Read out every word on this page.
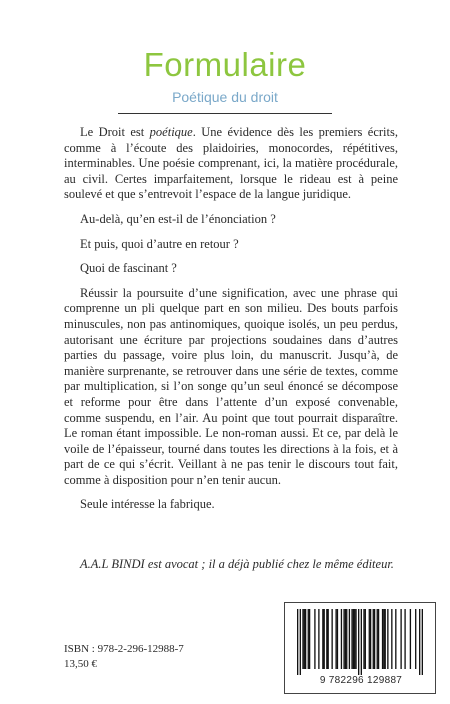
Formulaire
Poétique du droit

Le Droit est poétique. Une évidence dès les premiers écrits, comme à l’écoute des plaidoiries, monocordes, répétitives, interminables. Une poésie comprenant, ici, la matière procédurale, au civil. Certes imparfaitement, lorsque le rideau est à peine soulevé et que s’entrevoit l’espace de la langue juridique.

Au-delà, qu’en est-il de l’énonciation ?

Et puis, quoi d’autre en retour ?

Quoi de fascinant ?

Réussir la poursuite d’une signification, avec une phrase qui comprenne un pli quelque part en son milieu. Des bouts parfois minuscules, non pas antinomiques, quoique isolés, un peu perdus, autorisant une écriture par projections soudaines dans d’autres parties du passage, voire plus loin, du manuscrit. Jusqu’à, de manière surprenante, se retrouver dans une série de textes, comme par multiplication, si l’on songe qu’un seul énoncé se décompose et reforme pour être dans l’attente d’un exposé convenable, comme suspendu, en l’air. Au point que tout pourrait disparaître. Le roman étant impossible. Le non-roman aussi. Et ce, par delà le voile de l’épaisseur, tourné dans toutes les directions à la fois, et à part de ce qui s’écrit. Veillant à ne pas tenir le discours tout fait, comme à disposition pour n’en tenir aucun.

Seule intéresse la fabrique.

A.A.L BINDI est avocat ; il a déjà publié chez le même éditeur.
ISBN : 978-2-296-12988-7
13,50 €
9 782296 129887
